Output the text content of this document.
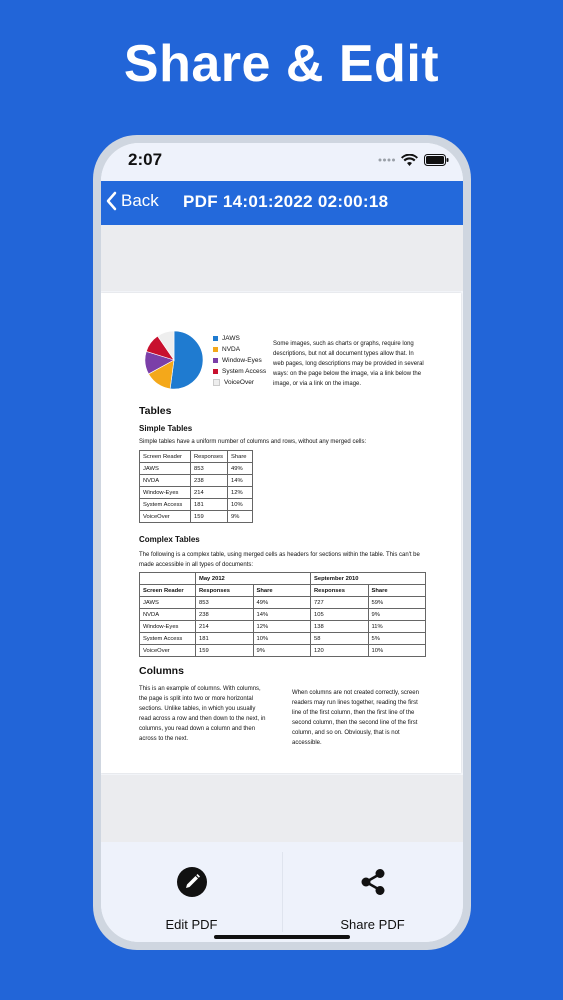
Share & Edit
2:07
Back PDF 14:01:2022 02:00:18
JAWS
NVDA
Window-Eyes
System Access
VoiceOver
Some images, such as charts or graphs, require long descriptions, but not all document types allow that. In web pages, long descriptions may be provided in several ways: on the page below the image, via a link below the image, or via a link on the image.
Tables
Simple Tables
Simple tables have a uniform number of columns and rows, without any merged cells:
Screen Reader	Responses	Share
JAWS	853	49%
NVDA	238	14%
Window-Eyes	214	12%
System Access	181	10%
VoiceOver	159	9%
Complex Tables
The following is a complex table, using merged cells as headers for sections within the table. This can't be made accessible in all types of documents:
	May 2012		September 2010	
Screen Reader	Responses	Share	Responses	Share
JAWS	853	49%	727	59%
NVDA	238	14%	105	9%
Window-Eyes	214	12%	138	11%
System Access	181	10%	58	5%
VoiceOver	159	9%	120	10%
Columns
This is an example of columns. With columns, the page is split into two or more horizontal sections. Unlike tables, in which you usually read across a row and then down to the next, in columns, you read down a column and then across to the next.
When columns are not created correctly, screen readers may run lines together, reading the first line of the first column, then the first line of the second column, then the second line of the first column, and so on. Obviously, that is not accessible.
Edit PDF	Share PDF
